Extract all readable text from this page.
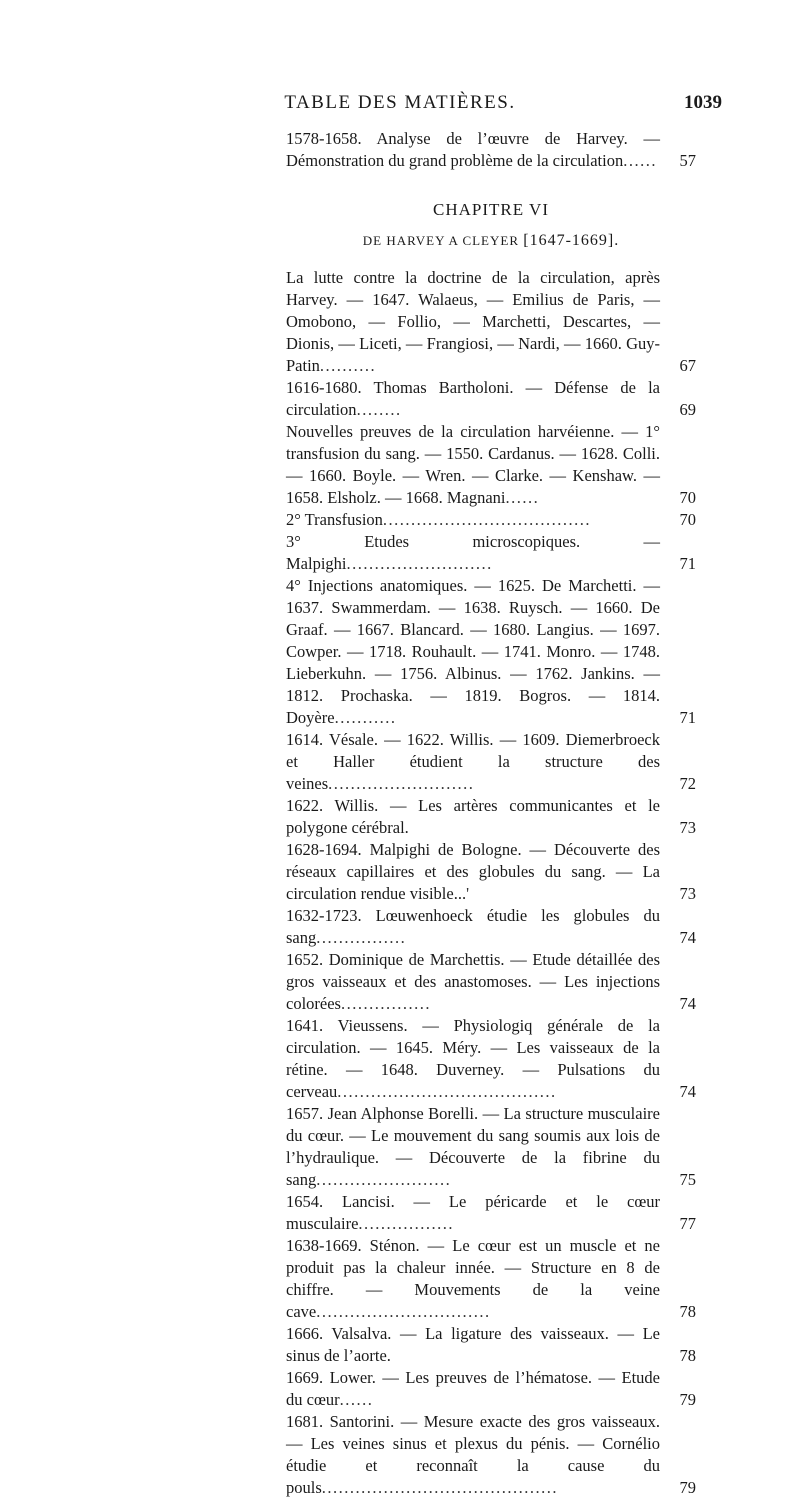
TABLE DES MATIÈRES.	1039
1578-1658. Analyse de l’œuvre de Harvey. — Démonstration du grand problème de la circulation......	57
CHAPITRE VI
DE HARVEY A CLEYER [1647-1669].
La lutte contre la doctrine de la circulation, après Harvey. — 1647. Walaeus, — Emilius de Paris, — Omobono, — Follio, — Marchetti, Descartes, — Dionis, — Liceti, — Frangiosi, — Nardi, — 1660. Guy-Patin..........	67
1616-1680. Thomas Bartholoni. — Défense de la circulation........	69
Nouvelles preuves de la circulation harvéienne. — 1° transfusion du sang. — 1550. Cardanus. — 1628. Colli. — 1660. Boyle. — Wren. — Clarke. — Kenshaw. — 1658. Elsholz. — 1668. Magnani......	70
2° Transfusion.....................................	70
3° Etudes microscopiques. — Malpighi..........................	71
4° Injections anatomiques. — 1625. De Marchetti. — 1637. Swammerdam. — 1638. Ruysch. — 1660. De Graaf. — 1667. Blancard. — 1680. Langius. — 1697. Cowper. — 1718. Rouhault. — 1741. Monro. — 1748. Lieberkuhn. — 1756. Albinus. — 1762. Jankins. — 1812. Prochaska. — 1819. Bogros. — 1814. Doyère...........	71
1614. Vésale. — 1622. Willis. — 1609. Diemerbroeck et Haller étudient la structure des veines..........................	72
1622. Willis. — Les artères communicantes et le polygone cérébral.	73
1628-1694. Malpighi de Bologne. — Découverte des réseaux capillaires et des globules du sang. — La circulation rendue visible...'	73
1632-1723. Lœuwenhoeck étudie les globules du sang................	74
1652. Dominique de Marchettis. — Etude détaillée des gros vaisseaux et des anastomoses. — Les injections colorées................	74
1641. Vieussens. — Physiologiq générale de la circulation. — 1645. Méry. — Les vaisseaux de la rétine. — 1648. Duverney. — Pulsations du cerveau.......................................	74
1657. Jean Alphonse Borelli. — La structure musculaire du cœur. — Le mouvement du sang soumis aux lois de l’hydraulique. — Découverte de la fibrine du sang........................	75
1654. Lancisi. — Le péricarde et le cœur musculaire.................	77
1638-1669. Sténon. — Le cœur est un muscle et ne produit pas la chaleur innée. — Structure en 8 de chiffre. — Mouvements de la veine cave...............................	78
1666. Valsalva. — La ligature des vaisseaux. — Le sinus de l’aorte.	78
1669. Lower. — Les preuves de l’hématose. — Etude du cœur......	79
1681. Santorini. — Mesure exacte des gros vaisseaux. — Les veines sinus et plexus du pénis. — Cornélio étudie et reconnaît la cause du pouls..........................................	79
